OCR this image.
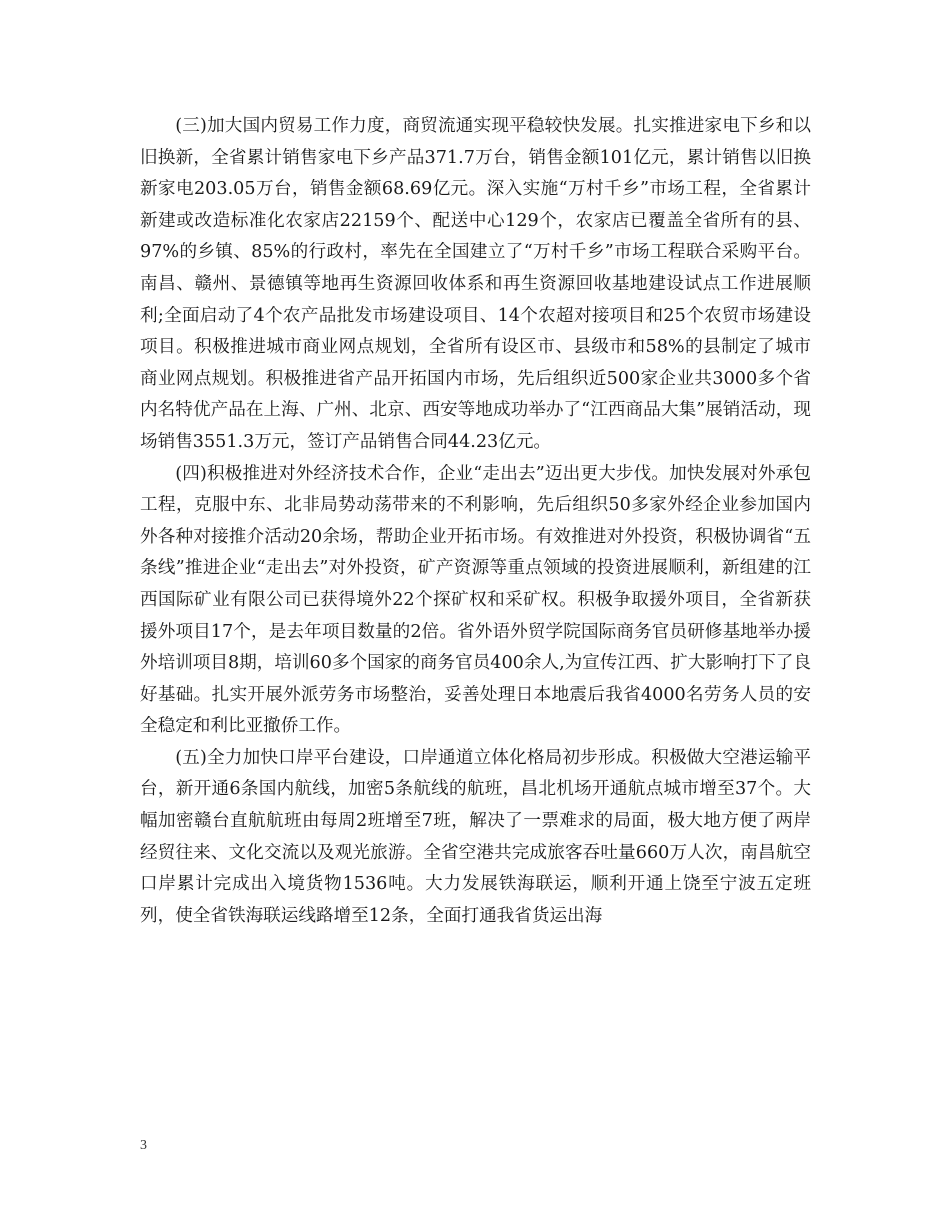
(三)加大国内贸易工作力度，商贸流通实现平稳较快发展。扎实推进家电下乡和以旧换新，全省累计销售家电下乡产品371.7万台，销售金额101亿元，累计销售以旧换新家电203.05万台，销售金额68.69亿元。深入实施“万村千乡”市场工程，全省累计新建或改造标准化农家店22159个、配送中心129个，农家店已覆盖全省所有的县、97%的乡镇、85%的行政村，率先在全国建立了“万村千乡”市场工程联合采购平台。南昌、赣州、景德镇等地再生资源回收体系和再生资源回收基地建设试点工作进展顺利;全面启动了4个农产品批发市场建设项目、14个农超对接项目和25个农贸市场建设项目。积极推进城市商业网点规划，全省所有设区市、县级市和58%的县制定了城市商业网点规划。积极推进省产品开拓国内市场，先后组织近500家企业共3000多个省内名特优产品在上海、广州、北京、西安等地成功举办了“江西商品大集”展销活动，现场销售3551.3万元，签订产品销售合同44.23亿元。

(四)积极推进对外经济技术合作，企业“走出去”迈出更大步伐。加快发展对外承包工程，克服中东、北非局势动荡带来的不利影响，先后组织50多家外经企业参加国内外各种对接推介活动20余场，帮助企业开拓市场。有效推进对外投资，积极协调省“五条线”推进企业“走出去”对外投资，矿产资源等重点领域的投资进展顺利，新组建的江西国际矿业有限公司已获得境外22个探矿权和采矿权。积极争取援外项目，全省新获援外项目17个，是去年项目数量的2倍。省外语外贸学院国际商务官员研修基地举办援外培训项目8期，培训60多个国家的商务官员400余人,为宣传江西、扩大影响打下了良好基础。扎实开展外派劳务市场整治，妥善处理日本地震后我省4000名劳务人员的安全稳定和利比亚撤侨工作。

(五)全力加快口岸平台建设，口岸通道立体化格局初步形成。积极做大空港运输平台，新开通6条国内航线，加密5条航线的航班，昌北机场开通航点城市增至37个。大幅加密赣台直航航班由每周2班增至7班，解决了一票难求的局面，极大地方便了两岸经贸往来、文化交流以及观光旅游。全省空港共完成旅客吞吐量660万人次，南昌航空口岸累计完成出入境货物1536吨。大力发展铁海联运，顺利开通上饶至宁波五定班列，使全省铁海联运线路增至12条，全面打通我省货运出海

3
